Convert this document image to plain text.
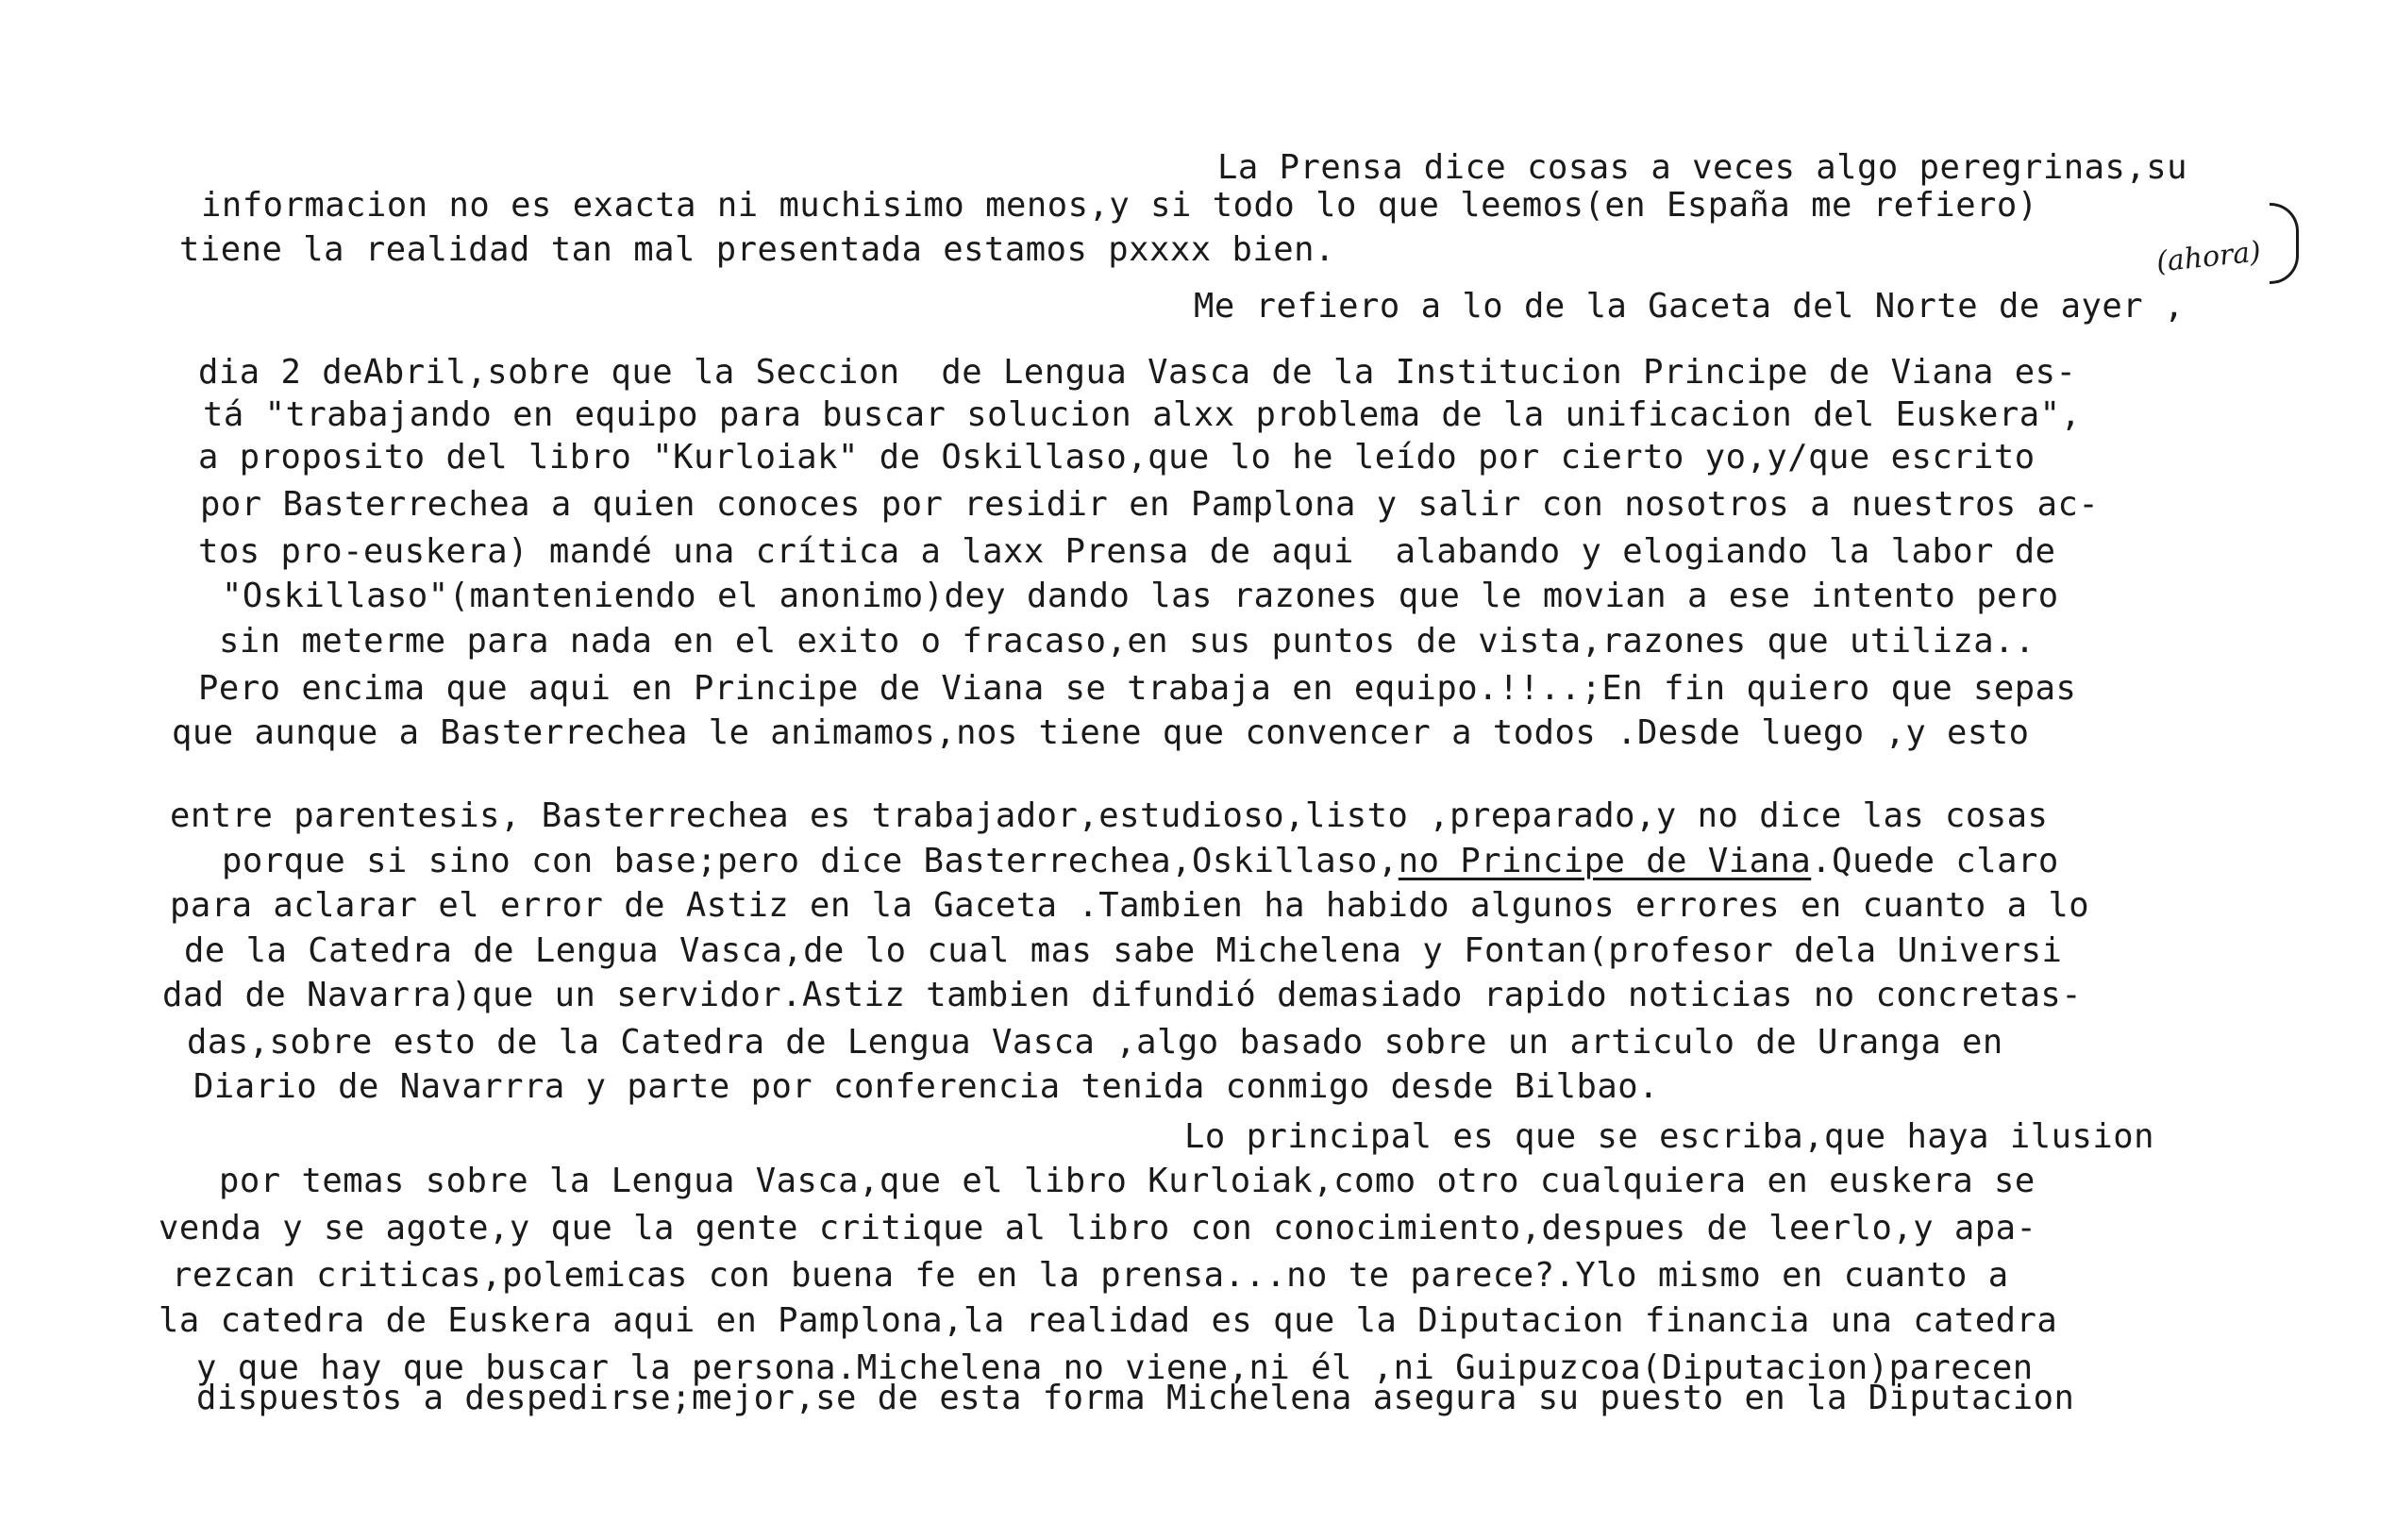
La Prensa dice cosas a veces algo peregrinas,su
informacion no es exacta ni muchisimo menos,y si todo lo que leemos(en España me refiero)
tiene la realidad tan mal presentada estamos pxxxx bien.
Me refiero a lo de la Gaceta del Norte de ayer ,
dia 2 deAbril,sobre que la Seccion  de Lengua Vasca de la Institucion Principe de Viana es-
tá "trabajando en equipo para buscar solucion alxx problema de la unificacion del Euskera",
a proposito del libro "Kurloiak" de Oskillaso,que lo he leído por cierto yo,y/que escrito
por Basterrechea a quien conoces por residir en Pamplona y salir con nosotros a nuestros ac-
tos pro-euskera) mandé una crítica a laxx Prensa de aqui  alabando y elogiando la labor de
"Oskillaso"(manteniendo el anonimo)dey dando las razones que le movian a ese intento pero
sin meterme para nada en el exito o fracaso,en sus puntos de vista,razones que utiliza..
Pero encima que aqui en Principe de Viana se trabaja en equipo.!!..;En fin quiero que sepas
que aunque a Basterrechea le animamos,nos tiene que convencer a todos .Desde luego ,y esto
entre parentesis, Basterrechea es trabajador,estudioso,listo ,preparado,y no dice las cosas
porque si sino con base;pero dice Basterrechea,Oskillaso,no Principe de Viana.Quede claro
para aclarar el error de Astiz en la Gaceta .Tambien ha habido algunos errores en cuanto a lo
de la Catedra de Lengua Vasca,de lo cual mas sabe Michelena y Fontan(profesor dela Universi
dad de Navarra)que un servidor.Astiz tambien difundió demasiado rapido noticias no concretas-
das,sobre esto de la Catedra de Lengua Vasca ,algo basado sobre un articulo de Uranga en
Diario de Navarrra y parte por conferencia tenida conmigo desde Bilbao.
Lo principal es que se escriba,que haya ilusion
por temas sobre la Lengua Vasca,que el libro Kurloiak,como otro cualquiera en euskera se
venda y se agote,y que la gente critique al libro con conocimiento,despues de leerlo,y apa-
rezcan criticas,polemicas con buena fe en la prensa...no te parece?.Ylo mismo en cuanto a
la catedra de Euskera aqui en Pamplona,la realidad es que la Diputacion financia una catedra
y que hay que buscar la persona.Michelena no viene,ni él ,ni Guipuzcoa(Diputacion)parecen
dispuestos a despedirse;mejor,se de esta forma Michelena asegura su puesto en la Diputacion
(ahora)
